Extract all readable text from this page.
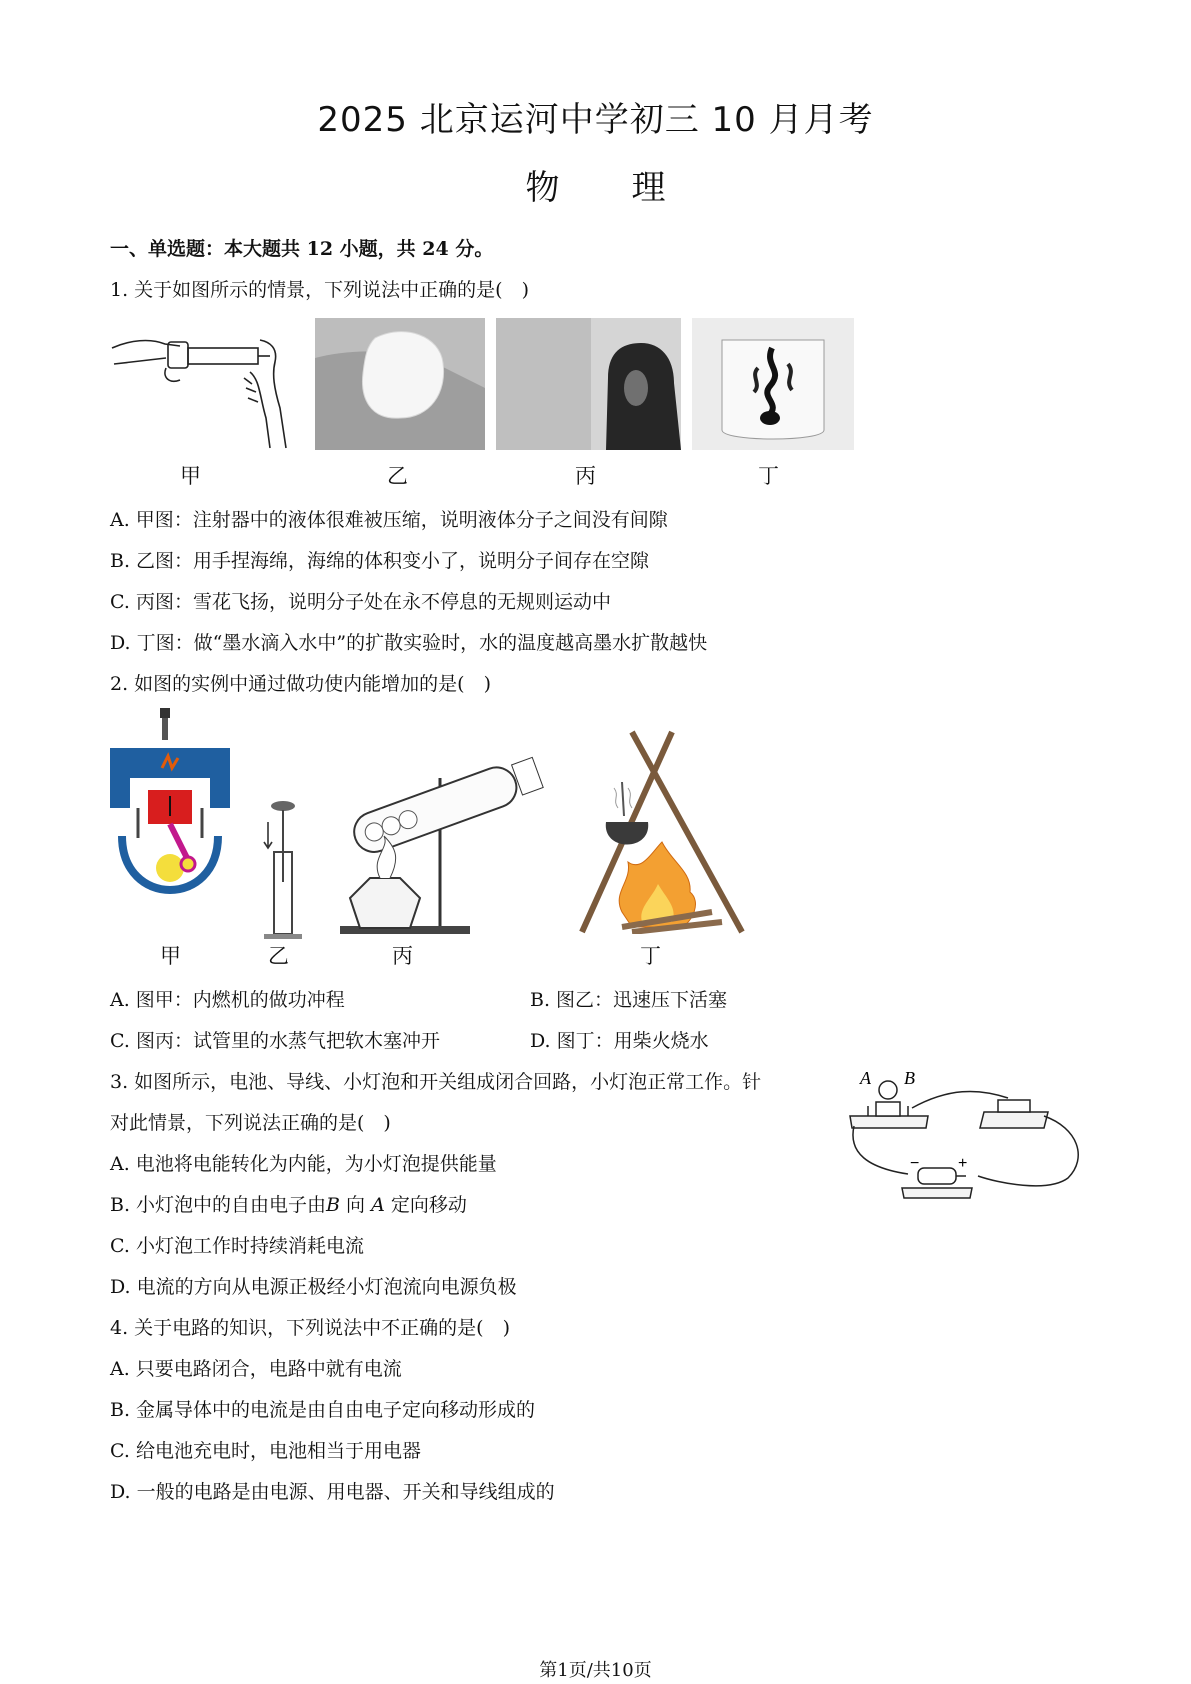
2025 北京运河中学初三 10 月月考
物 理
一、单选题：本大题共 12 小题，共 24 分。
1. 关于如图所示的情景，下列说法中正确的是(　)
甲	乙	丙	丁
A. 甲图：注射器中的液体很难被压缩，说明液体分子之间没有间隙
B. 乙图：用手捏海绵，海绵的体积变小了，说明分子间存在空隙
C. 丙图：雪花飞扬，说明分子处在永不停息的无规则运动中
D. 丁图：做“墨水滴入水中”的扩散实验时，水的温度越高墨水扩散越快
2. 如图的实例中通过做功使内能增加的是(　)
甲	乙	丙	丁
A. 图甲：内燃机的做功冲程	B. 图乙：迅速压下活塞
C. 图丙：试管里的水蒸气把软木塞冲开	D. 图丁：用柴火烧水
3. 如图所示，电池、导线、小灯泡和开关组成闭合回路，小灯泡正常工作。针
对此情景，下列说法正确的是(　)
A. 电池将电能转化为内能，为小灯泡提供能量
B. 小灯泡中的自由电子由B 向 A 定向移动
C. 小灯泡工作时持续消耗电流
D. 电流的方向从电源正极经小灯泡流向电源负极
A B
− +
4. 关于电路的知识，下列说法中不正确的是(　)
A. 只要电路闭合，电路中就有电流
B. 金属导体中的电流是由自由电子定向移动形成的
C. 给电池充电时，电池相当于用电器
D. 一般的电路是由电源、用电器、开关和导线组成的
第1页/共10页
